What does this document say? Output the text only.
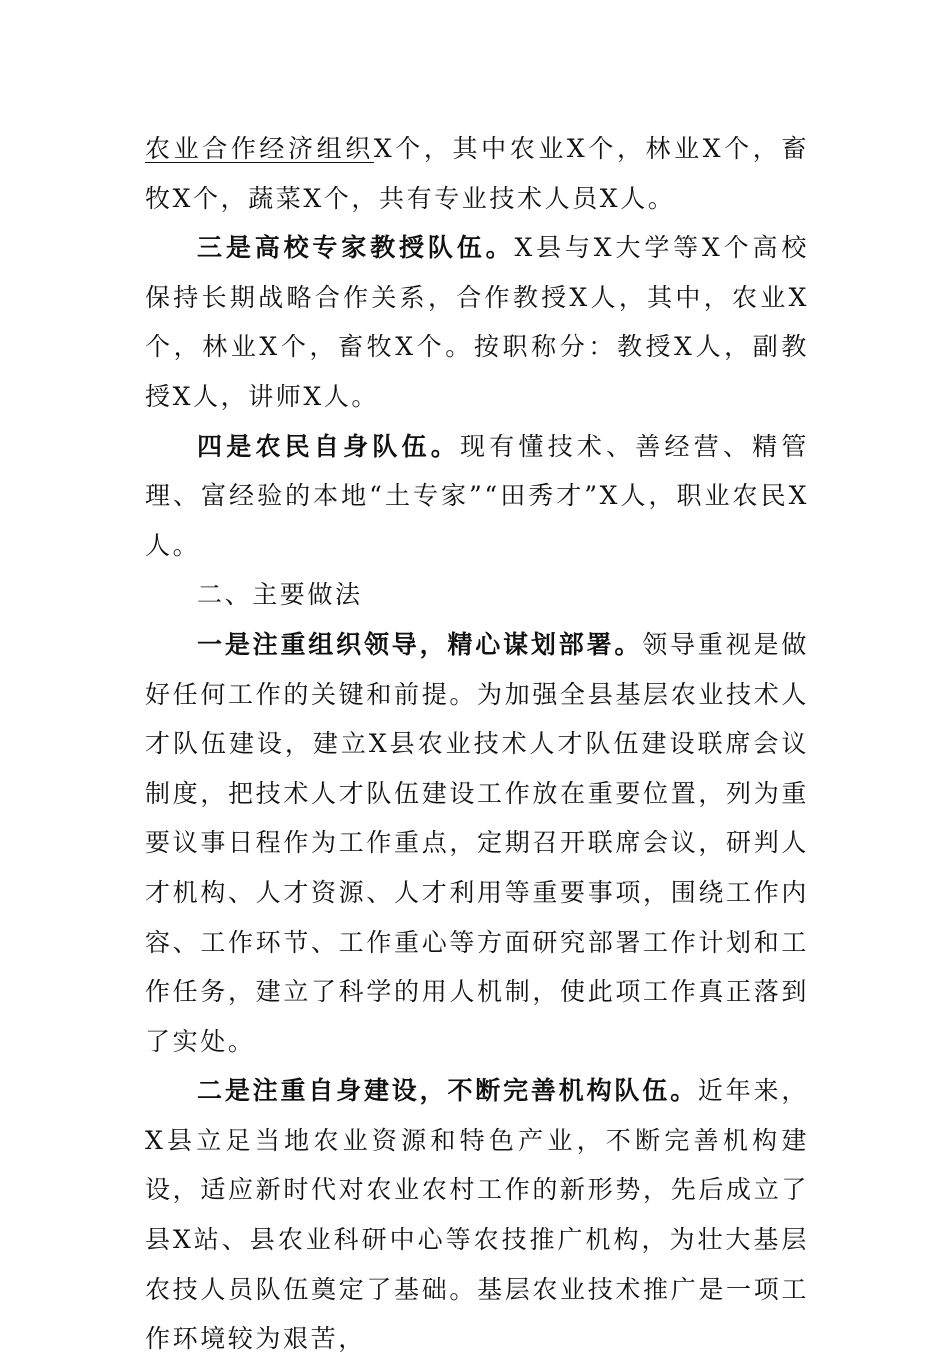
农业合作经济组织X个，其中农业X个，林业X个，畜牧X个，蔬菜X个，共有专业技术人员X人。

三是高校专家教授队伍。X县与X大学等X个高校保持长期战略合作关系，合作教授X人，其中，农业X个，林业X个，畜牧X个。按职称分：教授X人，副教授X人，讲师X人。

四是农民自身队伍。现有懂技术、善经营、精管理、富经验的本地“土专家”“田秀才”X人，职业农民X人。

二、主要做法

一是注重组织领导，精心谋划部署。领导重视是做好任何工作的关键和前提。为加强全县基层农业技术人才队伍建设，建立X县农业技术人才队伍建设联席会议制度，把技术人才队伍建设工作放在重要位置，列为重要议事日程作为工作重点，定期召开联席会议，研判人才机构、人才资源、人才利用等重要事项，围绕工作内容、工作环节、工作重心等方面研究部署工作计划和工作任务，建立了科学的用人机制，使此项工作真正落到了实处。

二是注重自身建设，不断完善机构队伍。近年来，X县立足当地农业资源和特色产业，不断完善机构建设，适应新时代对农业农村工作的新形势，先后成立了县X站、县农业科研中心等农技推广机构，为壮大基层农技人员队伍奠定了基础。基层农业技术推广是一项工作环境较为艰苦，
